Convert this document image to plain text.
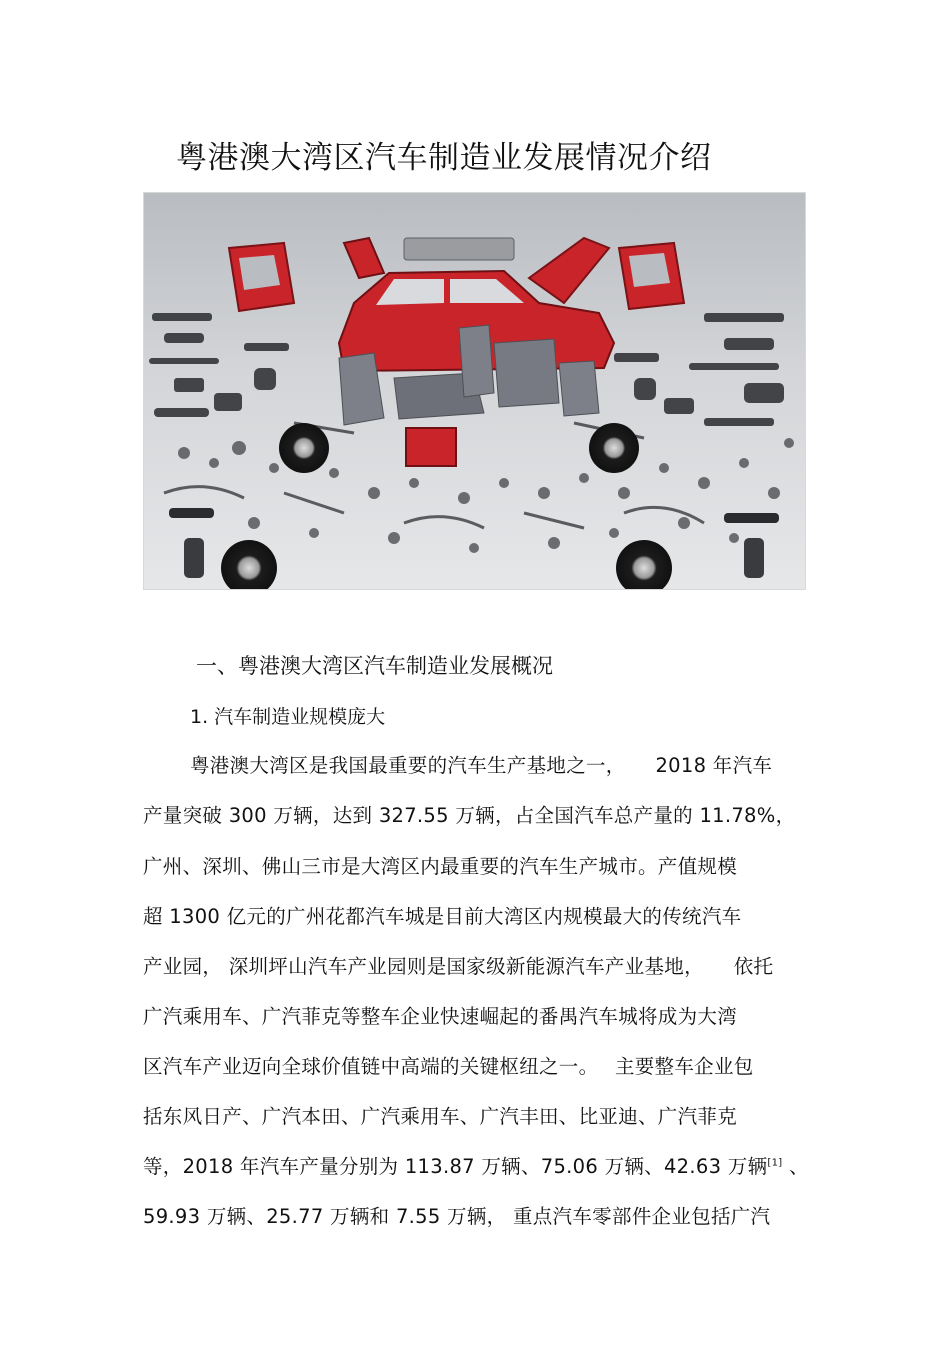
粤港澳大湾区汽车制造业发展情况介绍
一、粤港澳大湾区汽车制造业发展概况
1. 汽车制造业规模庞大
粤港澳大湾区是我国最重要的汽车生产基地之一，　　2018 年汽车
产量突破 300 万辆，达到 327.55 万辆，占全国汽车总产量的 11.78%，
广州、深圳、佛山三市是大湾区内最重要的汽车生产城市。产值规模
超 1300 亿元的广州花都汽车城是目前大湾区内规模最大的传统汽车
产业园， 深圳坪山汽车产业园则是国家级新能源汽车产业基地，　　依托
广汽乘用车、广汽菲克等整车企业快速崛起的番禺汽车城将成为大湾
区汽车产业迈向全球价值链中高端的关键枢纽之一。　 主要整车企业包
括东风日产、广汽本田、广汽乘用车、广汽丰田、比亚迪、广汽菲克
等，2018 年汽车产量分别为 113.87 万辆、75.06 万辆、42.63 万辆[1] 、
59.93 万辆、25.77 万辆和 7.55 万辆， 重点汽车零部件企业包括广汽
